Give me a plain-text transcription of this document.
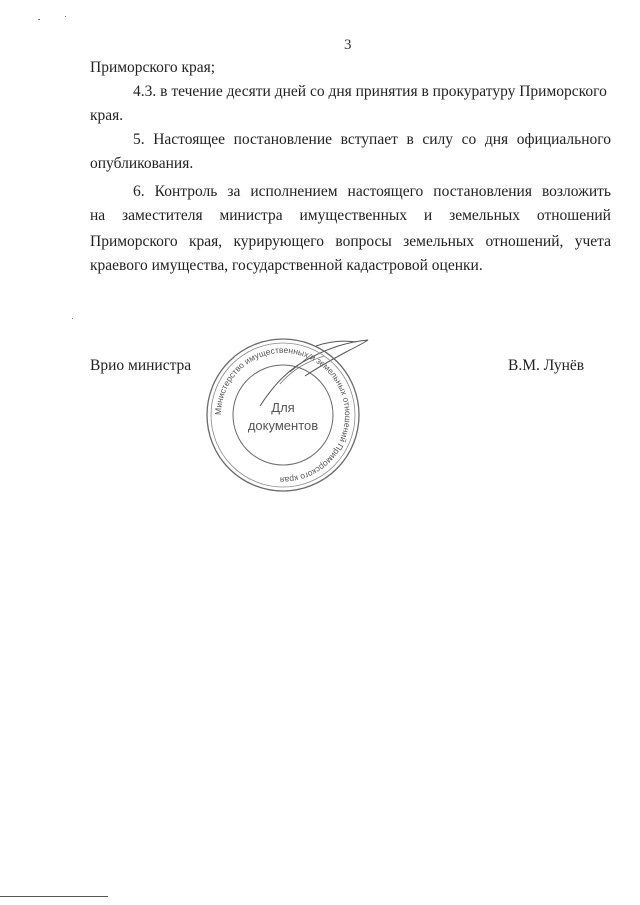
3
Приморского края;
4.3. в течение десяти дней со дня принятия в прокуратуру Приморского
края.
5. Настоящее постановление вступает в силу со дня официального
опубликования.
6. Контроль за исполнением настоящего постановления возложить
на заместителя министра имущественных и земельных отношений
Приморского края, курирующего вопросы земельных отношений, учета
краевого имущества, государственной кадастровой оценки.
Врио министра	В.М. Лунёв
Министерство имущественных и земельных отношений Приморского края
Для
документов
